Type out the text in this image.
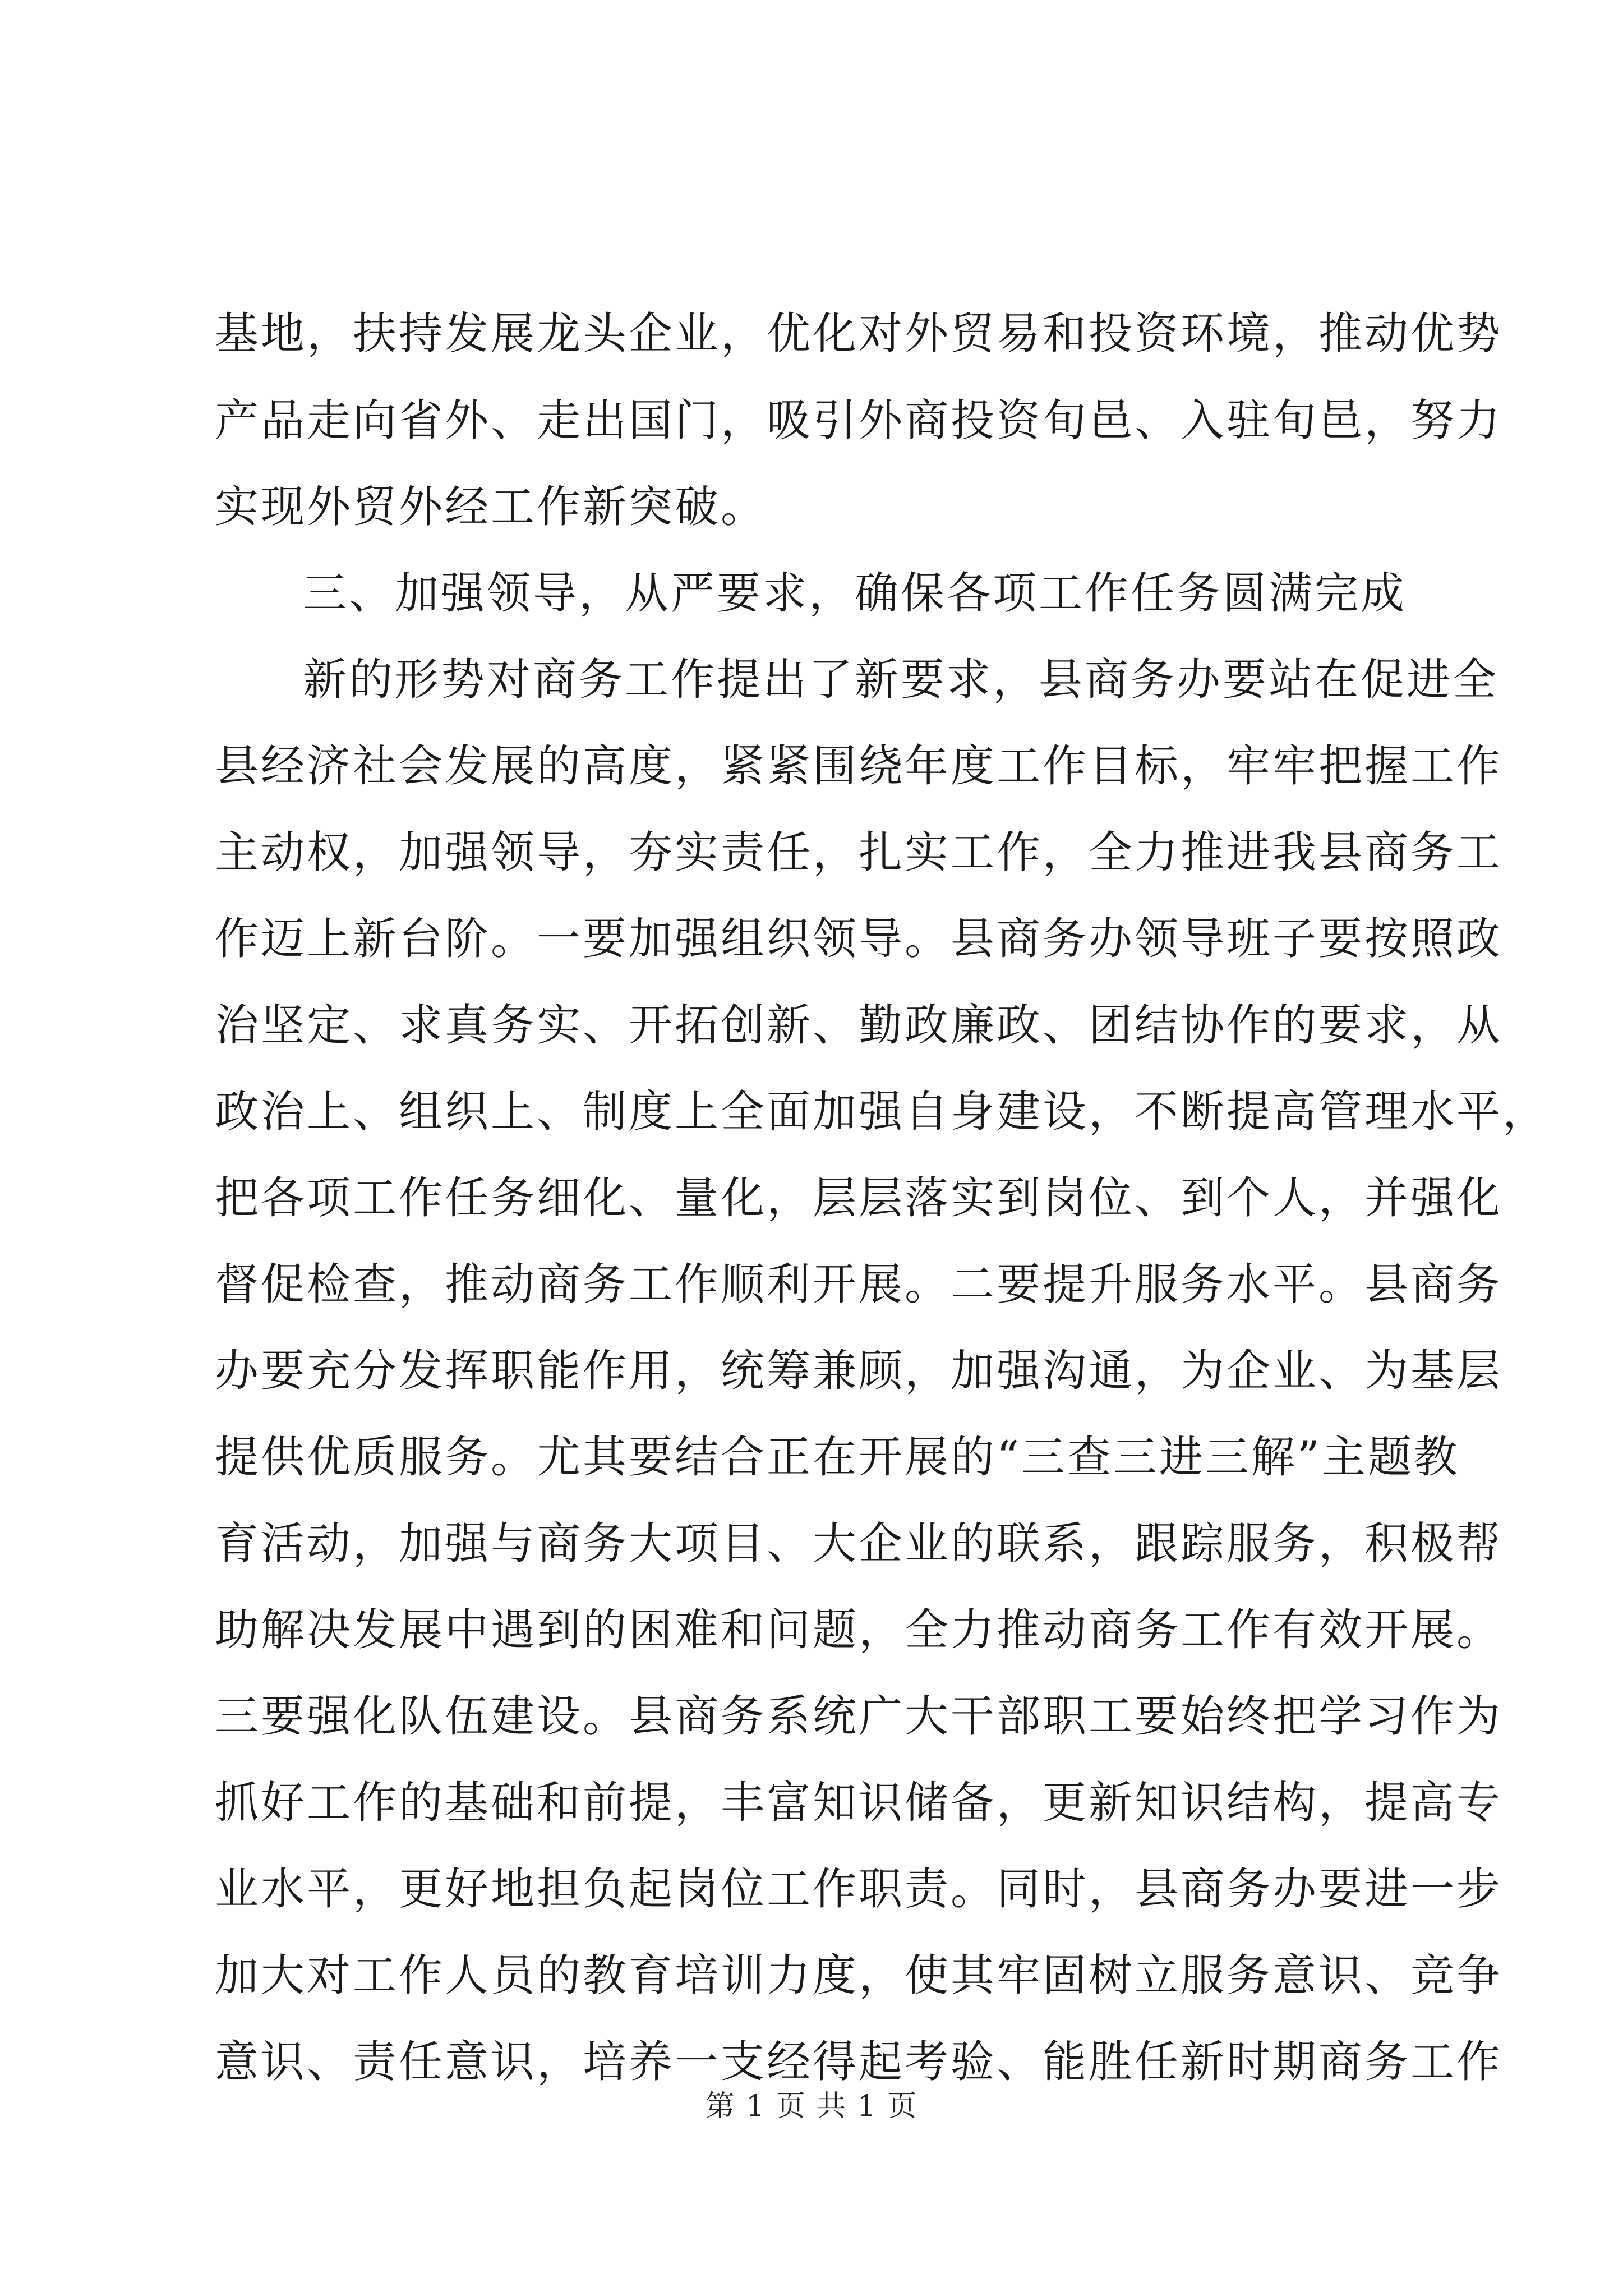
基地，扶持发展龙头企业，优化对外贸易和投资环境，推动优势
产品走向省外、走出国门，吸引外商投资旬邑、入驻旬邑，努力
实现外贸外经工作新突破。
三、加强领导，从严要求，确保各项工作任务圆满完成
新的形势对商务工作提出了新要求，县商务办要站在促进全
县经济社会发展的高度，紧紧围绕年度工作目标，牢牢把握工作
主动权，加强领导，夯实责任，扎实工作，全力推进我县商务工
作迈上新台阶。一要加强组织领导。县商务办领导班子要按照政
治坚定、求真务实、开拓创新、勤政廉政、团结协作的要求，从
政治上、组织上、制度上全面加强自身建设，不断提高管理水平，
把各项工作任务细化、量化，层层落实到岗位、到个人，并强化
督促检查，推动商务工作顺利开展。二要提升服务水平。县商务
办要充分发挥职能作用，统筹兼顾，加强沟通，为企业、为基层
提供优质服务。尤其要结合正在开展的“三查三进三解”主题教
育活动，加强与商务大项目、大企业的联系，跟踪服务，积极帮
助解决发展中遇到的困难和问题，全力推动商务工作有效开展。
三要强化队伍建设。县商务系统广大干部职工要始终把学习作为
抓好工作的基础和前提，丰富知识储备，更新知识结构，提高专
业水平，更好地担负起岗位工作职责。同时，县商务办要进一步
加大对工作人员的教育培训力度，使其牢固树立服务意识、竞争
意识、责任意识，培养一支经得起考验、能胜任新时期商务工作
第 1 页 共 1 页
